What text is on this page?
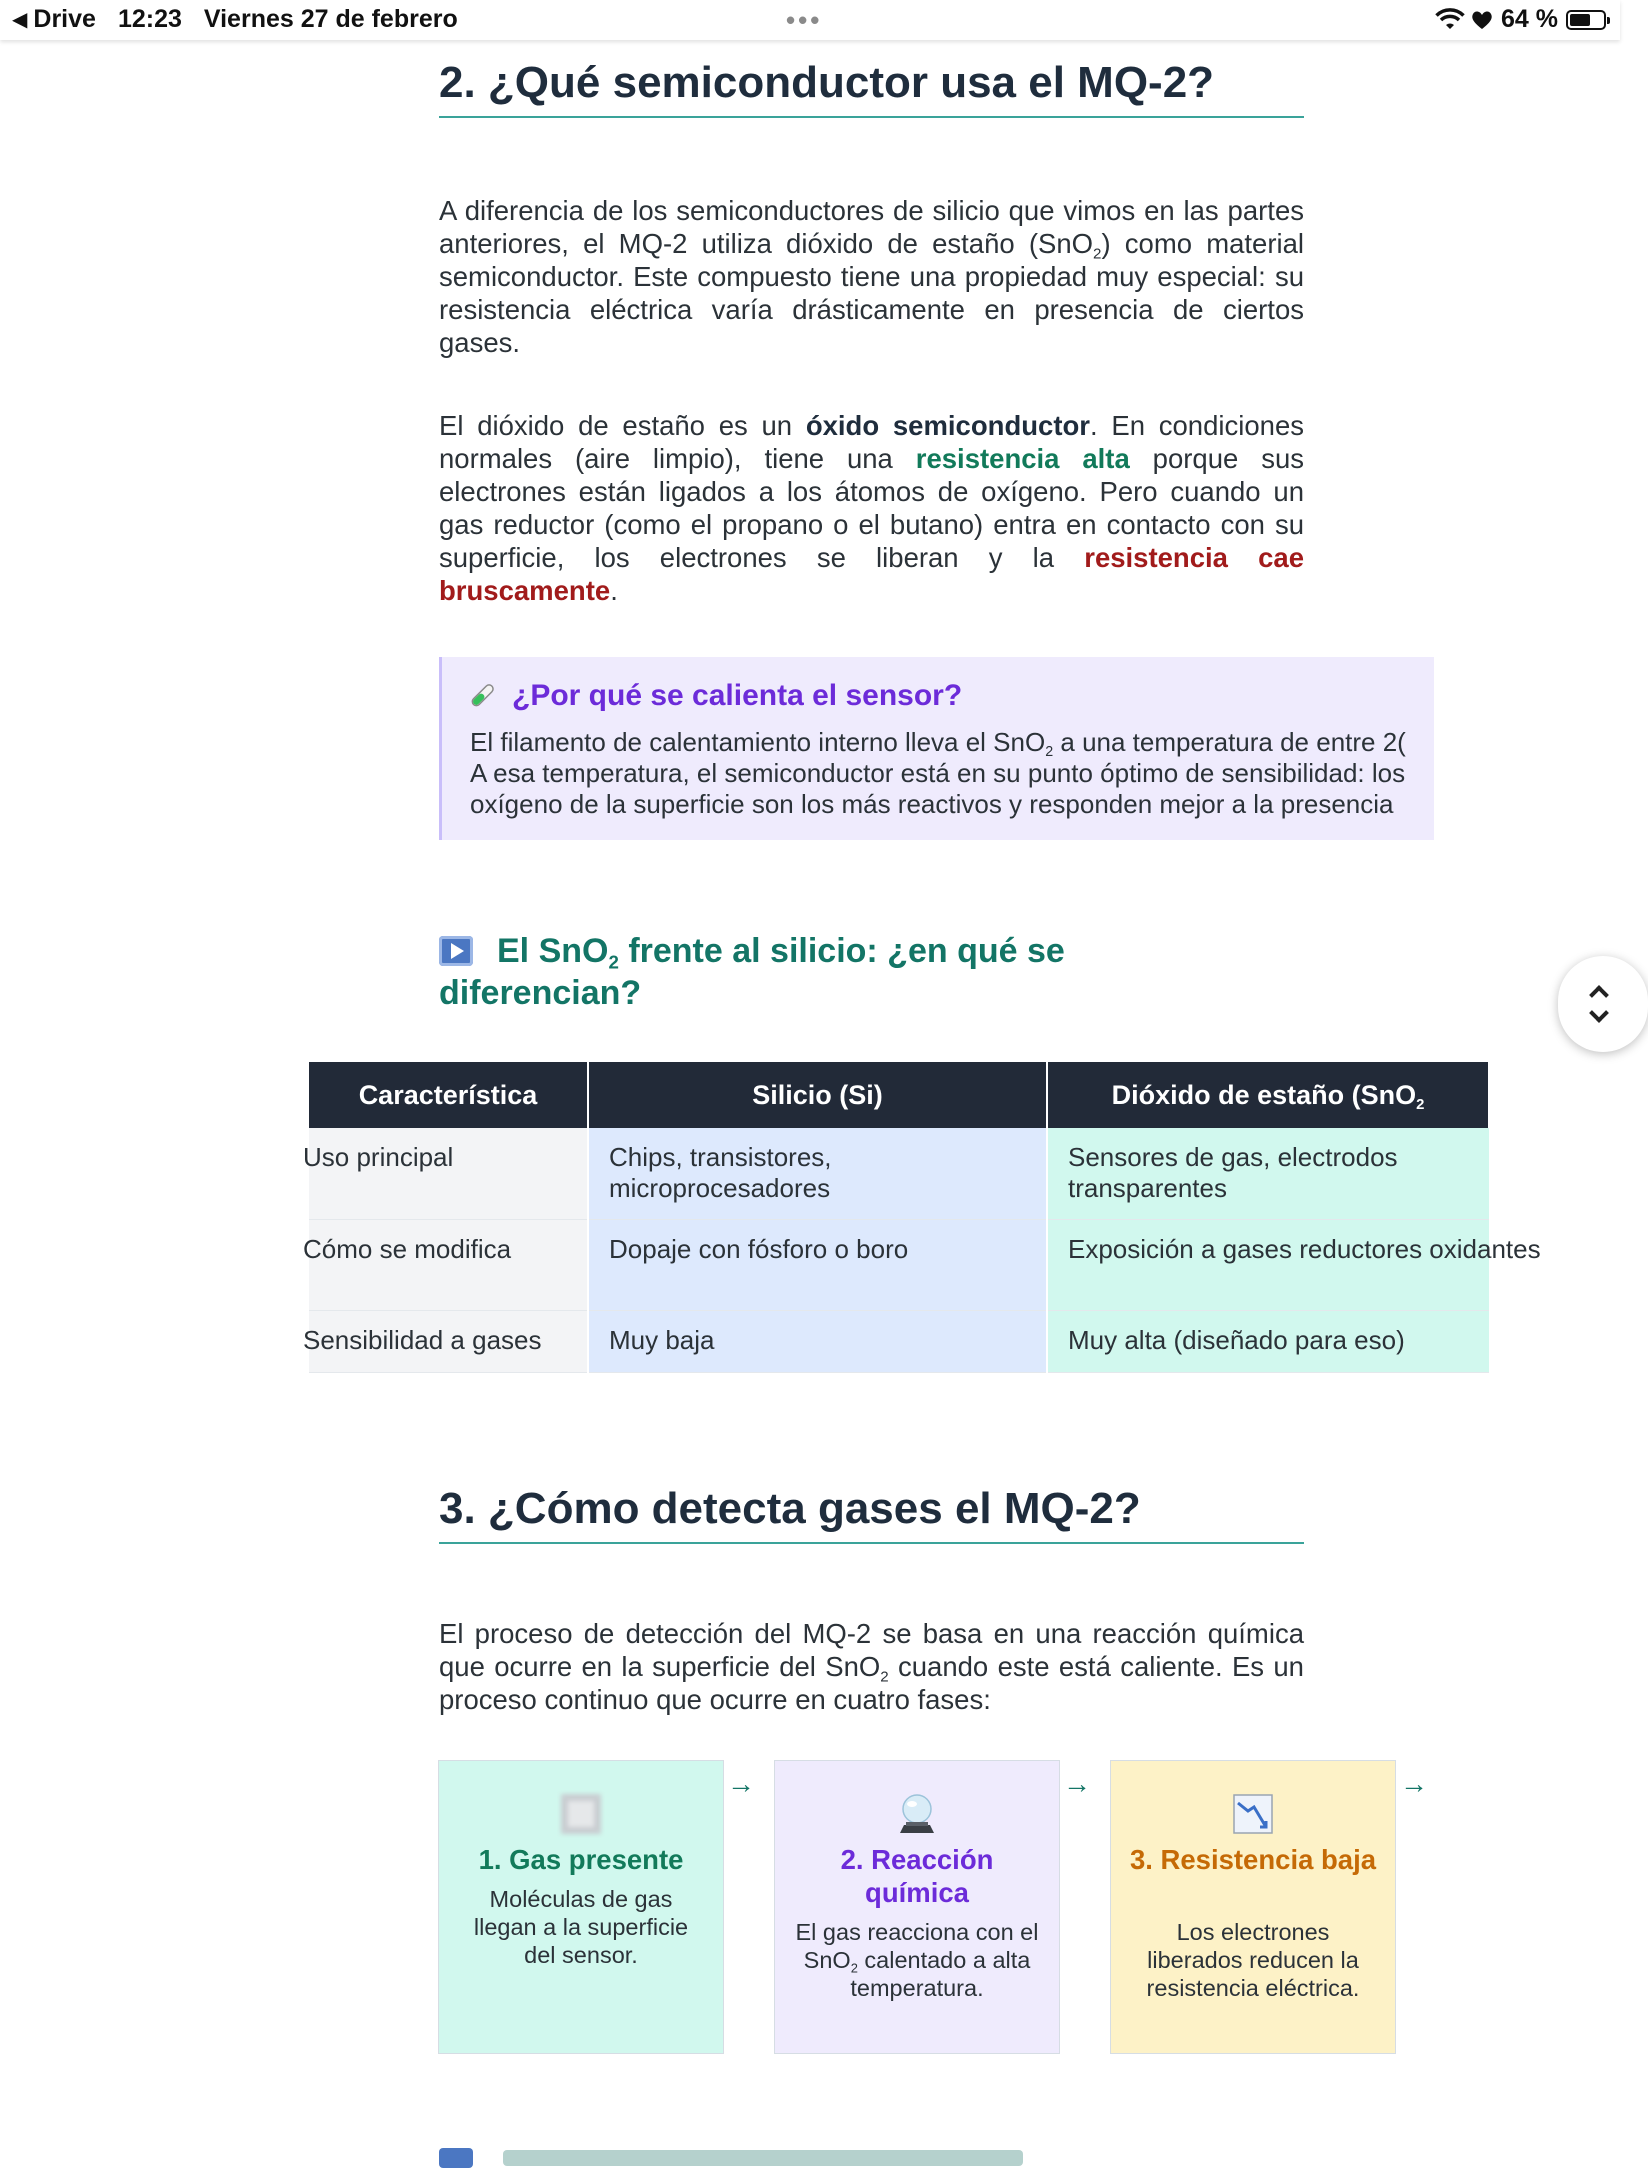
◀ Drive 12:23 Viernes 27 de febrero	•••	64 %
2. ¿Qué semiconductor usa el MQ-2?
A diferencia de los semiconductores de silicio que vimos en las partes anteriores, el MQ-2 utiliza dióxido de estaño (SnO$_2$) como material semiconductor. Este compuesto tiene una propiedad muy especial: su resistencia eléctrica varía drásticamente en presencia de ciertos gases.
El dióxido de estaño es un óxido semiconductor. En condiciones normales (aire limpio), tiene una resistencia alta porque sus electrones están ligados a los átomos de oxígeno. Pero cuando un gas reductor (como el propano o el butano) entra en contacto con su superficie, los electrones se liberan y la resistencia cae bruscamente.
¿Por qué se calienta el sensor?
El filamento de calentamiento interno lleva el SnO$_2$ a una temperatura de entre 2(
A esa temperatura, el semiconductor está en su punto óptimo de sensibilidad: los
oxígeno de la superficie son los más reactivos y responden mejor a la presencia
El SnO$_2$ frente al silicio: ¿en qué se diferencian?
Característica	Silicio (Si)	Dióxido de estaño (SnO$_2$
Uso principal	Chips, transistores, microprocesadores	Sensores de gas, electrodos transparentes
Cómo se modifica	Dopaje con fósforo o boro	Exposición a gases reductores oxidantes

Sensibilidad a gases	Muy baja	Muy alta (diseñado para eso)
3. ¿Cómo detecta gases el MQ-2?
El proceso de detección del MQ-2 se basa en una reacción química que ocurre en la superficie del SnO$_2$ cuando este está caliente. Es un proceso continuo que ocurre en cuatro fases:
1. Gas presente
Moléculas de gas llegan a la superficie del sensor.
→
2. Reacción química
El gas reacciona con el SnO$_2$ calentado a alta temperatura.
→
3. Resistencia baja
Los electrones liberados reducen la resistencia eléctrica.
→
